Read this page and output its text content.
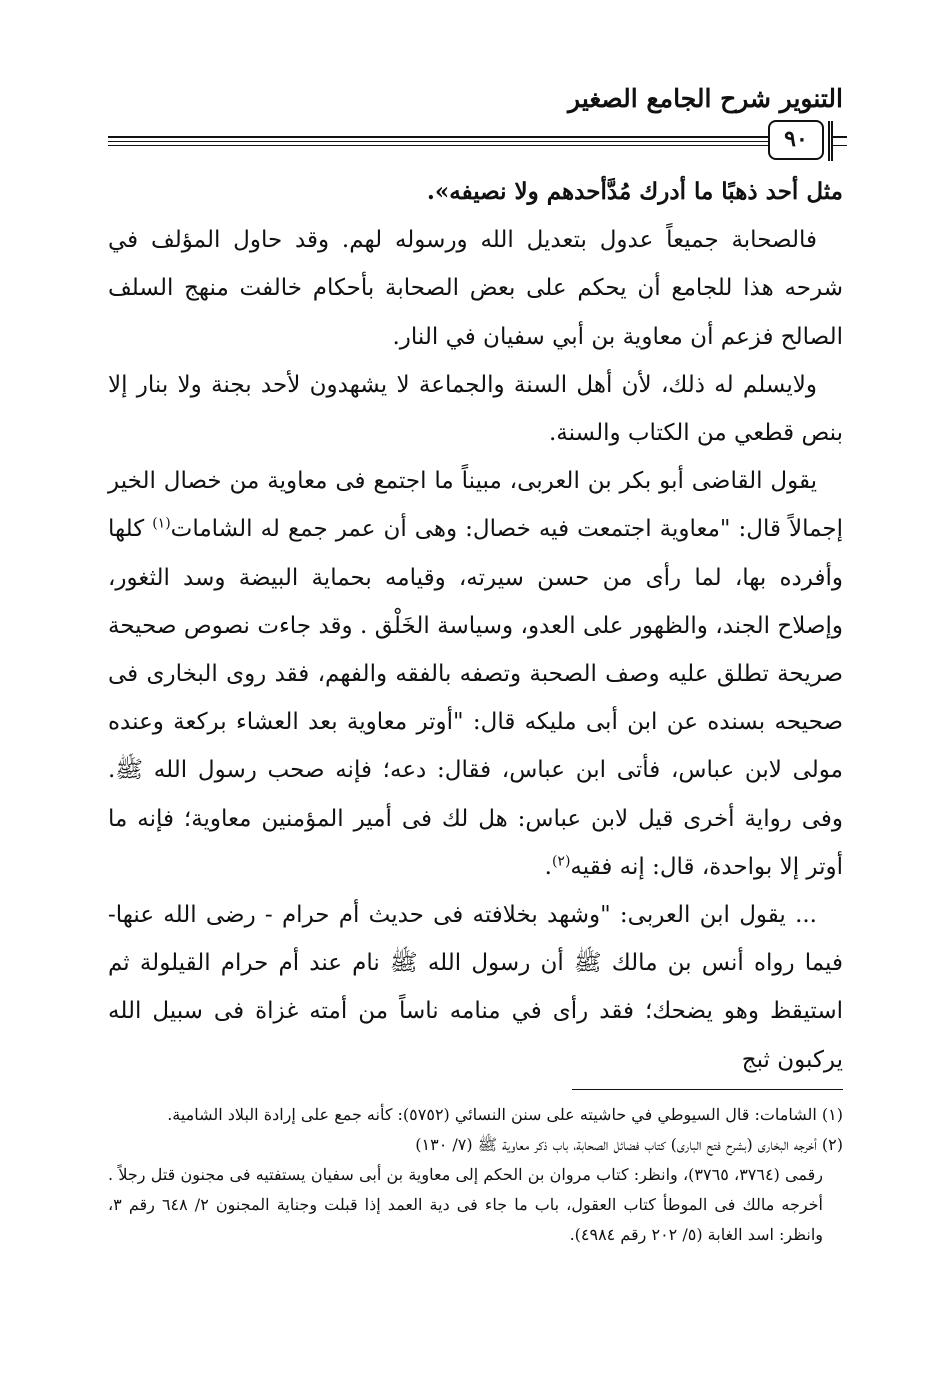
التنوير شرح الجامع الصغير
٩٠

مثل أحد ذهبًا ما أدرك مُدَّأحدهم ولا نصيفه».

فالصحابة جميعاً عدول بتعديل الله ورسوله لهم. وقد حاول المؤلف في شرحه هذا للجامع أن يحكم على بعض الصحابة بأحكام خالفت منهج السلف الصالح فزعم أن معاوية بن أبي سفيان في النار.

ولايسلم له ذلك، لأن أهل السنة والجماعة لا يشهدون لأحد بجنة ولا بنار إلا بنص قطعي من الكتاب والسنة.

يقول القاضى أبو بكر بن العربى، مبيناً ما اجتمع فى معاوية من خصال الخير إجمالاً قال: "معاوية اجتمعت فيه خصال: وهى أن عمر جمع له الشامات$^{(١)}$ كلها وأفرده بها، لما رأى من حسن سيرته، وقيامه بحماية البيضة وسد الثغور، وإصلاح الجند، والظهور على العدو، وسياسة الخَلْق . وقد جاءت نصوص صحيحة صريحة تطلق عليه وصف الصحبة وتصفه بالفقه والفهم، فقد روى البخارى فى صحيحه بسنده عن ابن أبى مليكه قال: "أوتر معاوية بعد العشاء بركعة وعنده مولى لابن عباس، فأتى ابن عباس، فقال: دعه؛ فإنه صحب رسول الله ﷺ. وفى رواية أخرى قيل لابن عباس: هل لك فى أمير المؤمنين معاوية؛ فإنه ما أوتر إلا بواحدة، قال: إنه فقيه$^{(٢)}$.

... يقول ابن العربى: "وشهد بخلافته فى حديث أم حرام - رضى الله عنها- فيما رواه أنس بن مالك ﷺ أن رسول الله ﷺ نام عند أم حرام القيلولة ثم استيقظ وهو يضحك؛ فقد رأى في منامه ناساً من أمته غزاة فى سبيل الله يركبون ثبج

(١) الشامات: قال السيوطي في حاشيته على سنن النسائي (٥٧٥٢): كأنه جمع على إرادة البلاد الشامية.

(٢) أخرجه البخارى (بشرح فتح البارى) كتاب فضائل الصحابة، باب ذكر معاوية ﷺ (٧/ ١٣٠)

رقمى (٣٧٦٤، ٣٧٦٥)، وانظر: كتاب مروان بن الحكم إلى معاوية بن أبى سفيان يستفتيه فى مجنون قتل رجلاً . أخرجه مالك فى الموطأ كتاب العقول، باب ما جاء فى دية العمد إذا قبلت وجناية المجنون ٢/ ٦٤٨ رقم ٣، وانظر: اسد الغابة (٥/ ٢٠٢ رقم ٤٩٨٤).
